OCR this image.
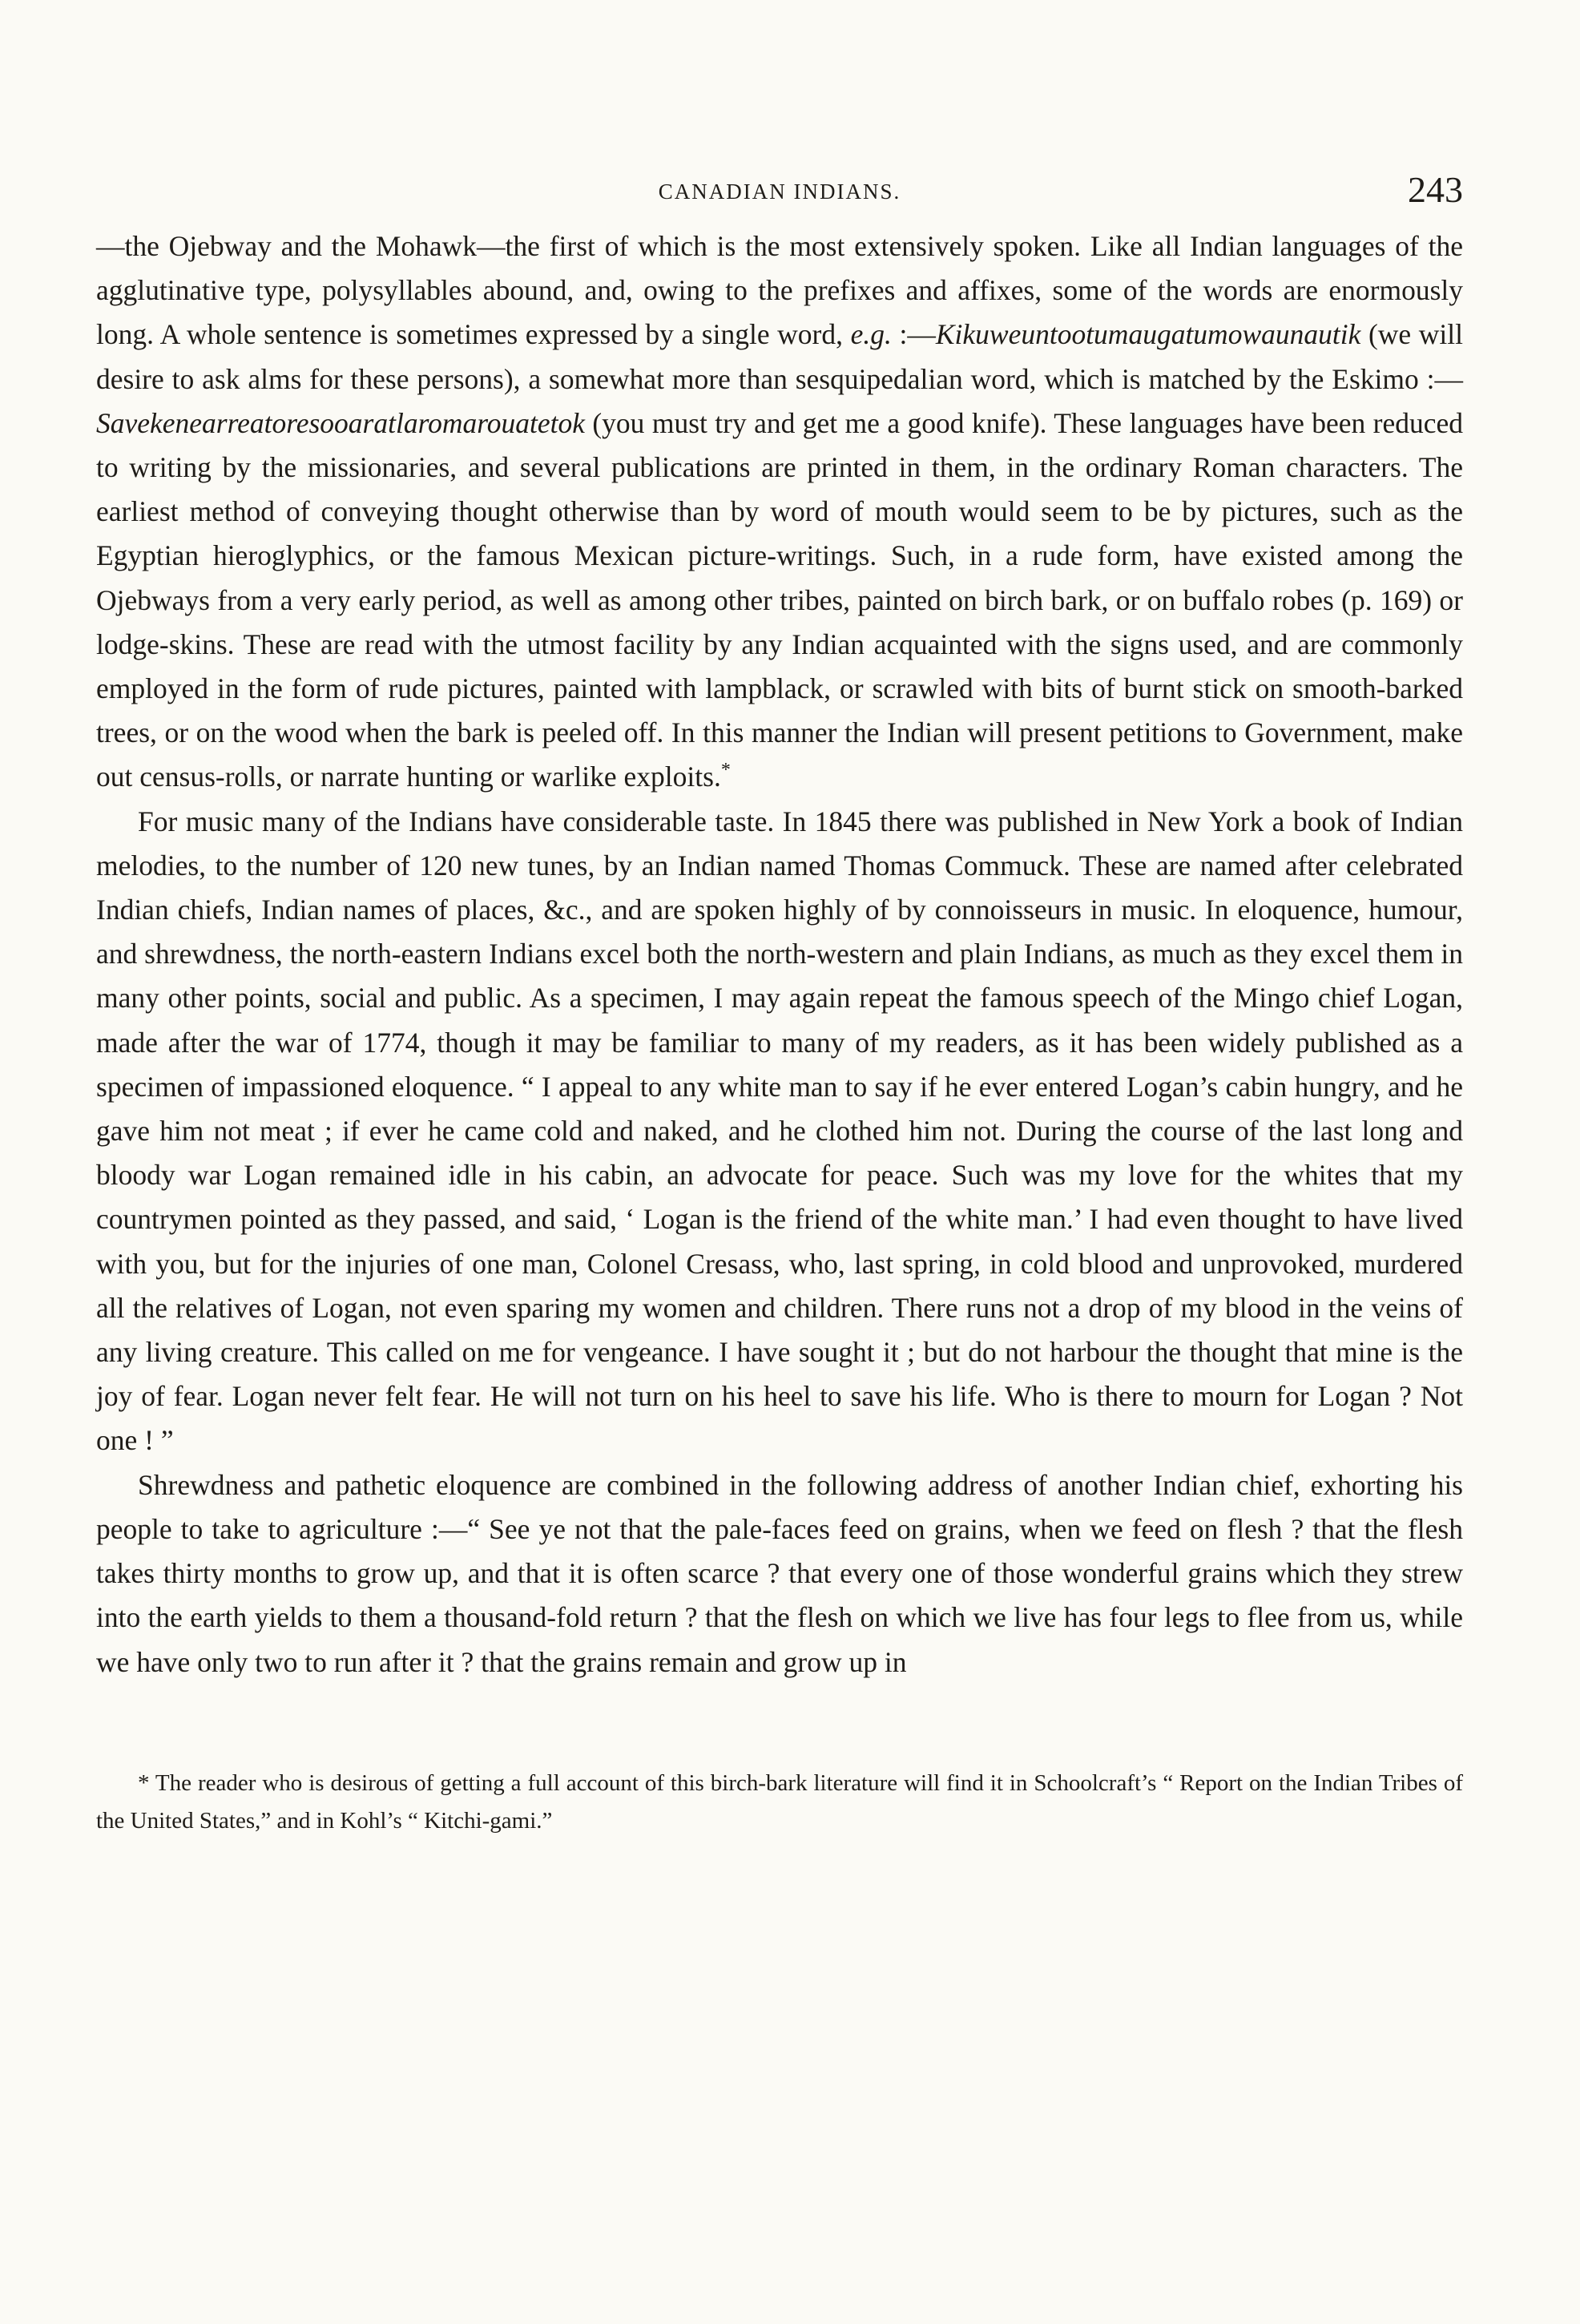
CANADIAN INDIANS.	243

—the Ojebway and the Mohawk—the first of which is the most extensively spoken. Like all Indian languages of the agglutinative type, polysyllables abound, and, owing to the prefixes and affixes, some of the words are enormously long. A whole sentence is sometimes expressed by a single word, e.g. :—Kikuweuntootumaugatumowaunautik (we will desire to ask alms for these persons), a somewhat more than sesquipedalian word, which is matched by the Eskimo :—Savekenearreatoresooaratlaromarouatetok (you must try and get me a good knife). These languages have been reduced to writing by the missionaries, and several publications are printed in them, in the ordinary Roman characters. The earliest method of conveying thought otherwise than by word of mouth would seem to be by pictures, such as the Egyptian hieroglyphics, or the famous Mexican picture-writings. Such, in a rude form, have existed among the Ojebways from a very early period, as well as among other tribes, painted on birch bark, or on buffalo robes (p. 169) or lodge-skins. These are read with the utmost facility by any Indian acquainted with the signs used, and are commonly employed in the form of rude pictures, painted with lampblack, or scrawled with bits of burnt stick on smooth-barked trees, or on the wood when the bark is peeled off. In this manner the Indian will present petitions to Government, make out census-rolls, or narrate hunting or warlike exploits.*

For music many of the Indians have considerable taste. In 1845 there was published in New York a book of Indian melodies, to the number of 120 new tunes, by an Indian named Thomas Commuck. These are named after celebrated Indian chiefs, Indian names of places, &c., and are spoken highly of by connoisseurs in music. In eloquence, humour, and shrewdness, the north-eastern Indians excel both the north-western and plain Indians, as much as they excel them in many other points, social and public. As a specimen, I may again repeat the famous speech of the Mingo chief Logan, made after the war of 1774, though it may be familiar to many of my readers, as it has been widely published as a specimen of impassioned eloquence. “ I appeal to any white man to say if he ever entered Logan’s cabin hungry, and he gave him not meat ; if ever he came cold and naked, and he clothed him not. During the course of the last long and bloody war Logan remained idle in his cabin, an advocate for peace. Such was my love for the whites that my countrymen pointed as they passed, and said, ‘ Logan is the friend of the white man.’ I had even thought to have lived with you, but for the injuries of one man, Colonel Cresass, who, last spring, in cold blood and unprovoked, murdered all the relatives of Logan, not even sparing my women and children. There runs not a drop of my blood in the veins of any living creature. This called on me for vengeance. I have sought it ; but do not harbour the thought that mine is the joy of fear. Logan never felt fear. He will not turn on his heel to save his life. Who is there to mourn for Logan ? Not one ! ”

Shrewdness and pathetic eloquence are combined in the following address of another Indian chief, exhorting his people to take to agriculture :—“ See ye not that the pale-faces feed on grains, when we feed on flesh ? that the flesh takes thirty months to grow up, and that it is often scarce ? that every one of those wonderful grains which they strew into the earth yields to them a thousand-fold return ? that the flesh on which we live has four legs to flee from us, while we have only two to run after it ? that the grains remain and grow up in

* The reader who is desirous of getting a full account of this birch-bark literature will find it in Schoolcraft’s “ Report on the Indian Tribes of the United States,” and in Kohl’s “ Kitchi-gami.”
